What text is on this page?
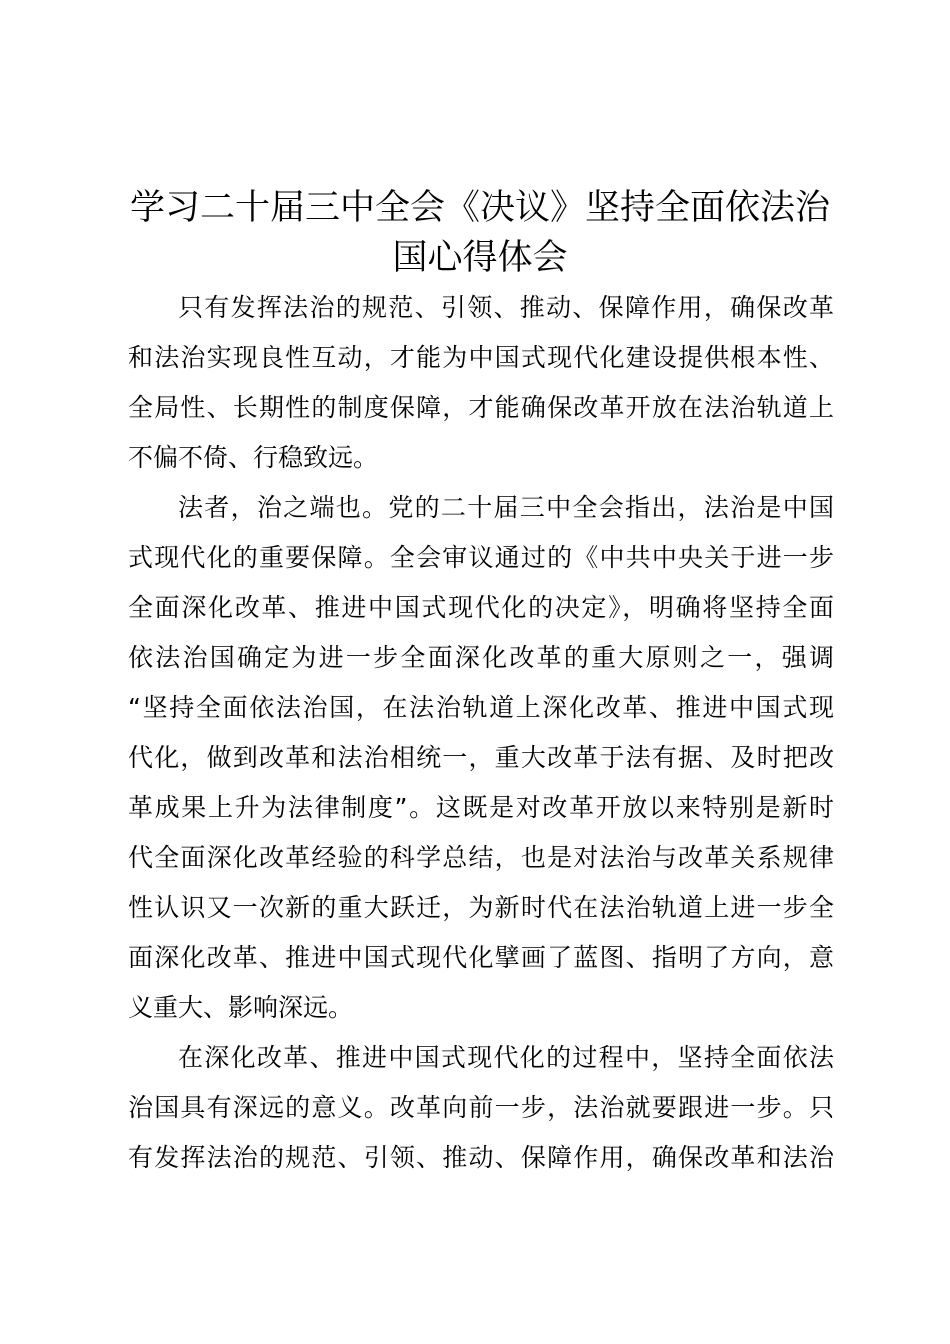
学习二十届三中全会《决议》坚持全面依法治
国心得体会
只有发挥法治的规范、引领、推动、保障作用，确保改革
和法治实现良性互动，才能为中国式现代化建设提供根本性、
全局性、长期性的制度保障，才能确保改革开放在法治轨道上
不偏不倚、行稳致远。
法者，治之端也。党的二十届三中全会指出，法治是中国
式现代化的重要保障。全会审议通过的《中共中央关于进一步
全面深化改革、推进中国式现代化的决定》，明确将坚持全面
依法治国确定为进一步全面深化改革的重大原则之一，强调
“坚持全面依法治国，在法治轨道上深化改革、推进中国式现
代化，做到改革和法治相统一，重大改革于法有据、及时把改
革成果上升为法律制度”。这既是对改革开放以来特别是新时
代全面深化改革经验的科学总结，也是对法治与改革关系规律
性认识又一次新的重大跃迁，为新时代在法治轨道上进一步全
面深化改革、推进中国式现代化擘画了蓝图、指明了方向，意
义重大、影响深远。
在深化改革、推进中国式现代化的过程中，坚持全面依法
治国具有深远的意义。改革向前一步，法治就要跟进一步。只
有发挥法治的规范、引领、推动、保障作用，确保改革和法治
